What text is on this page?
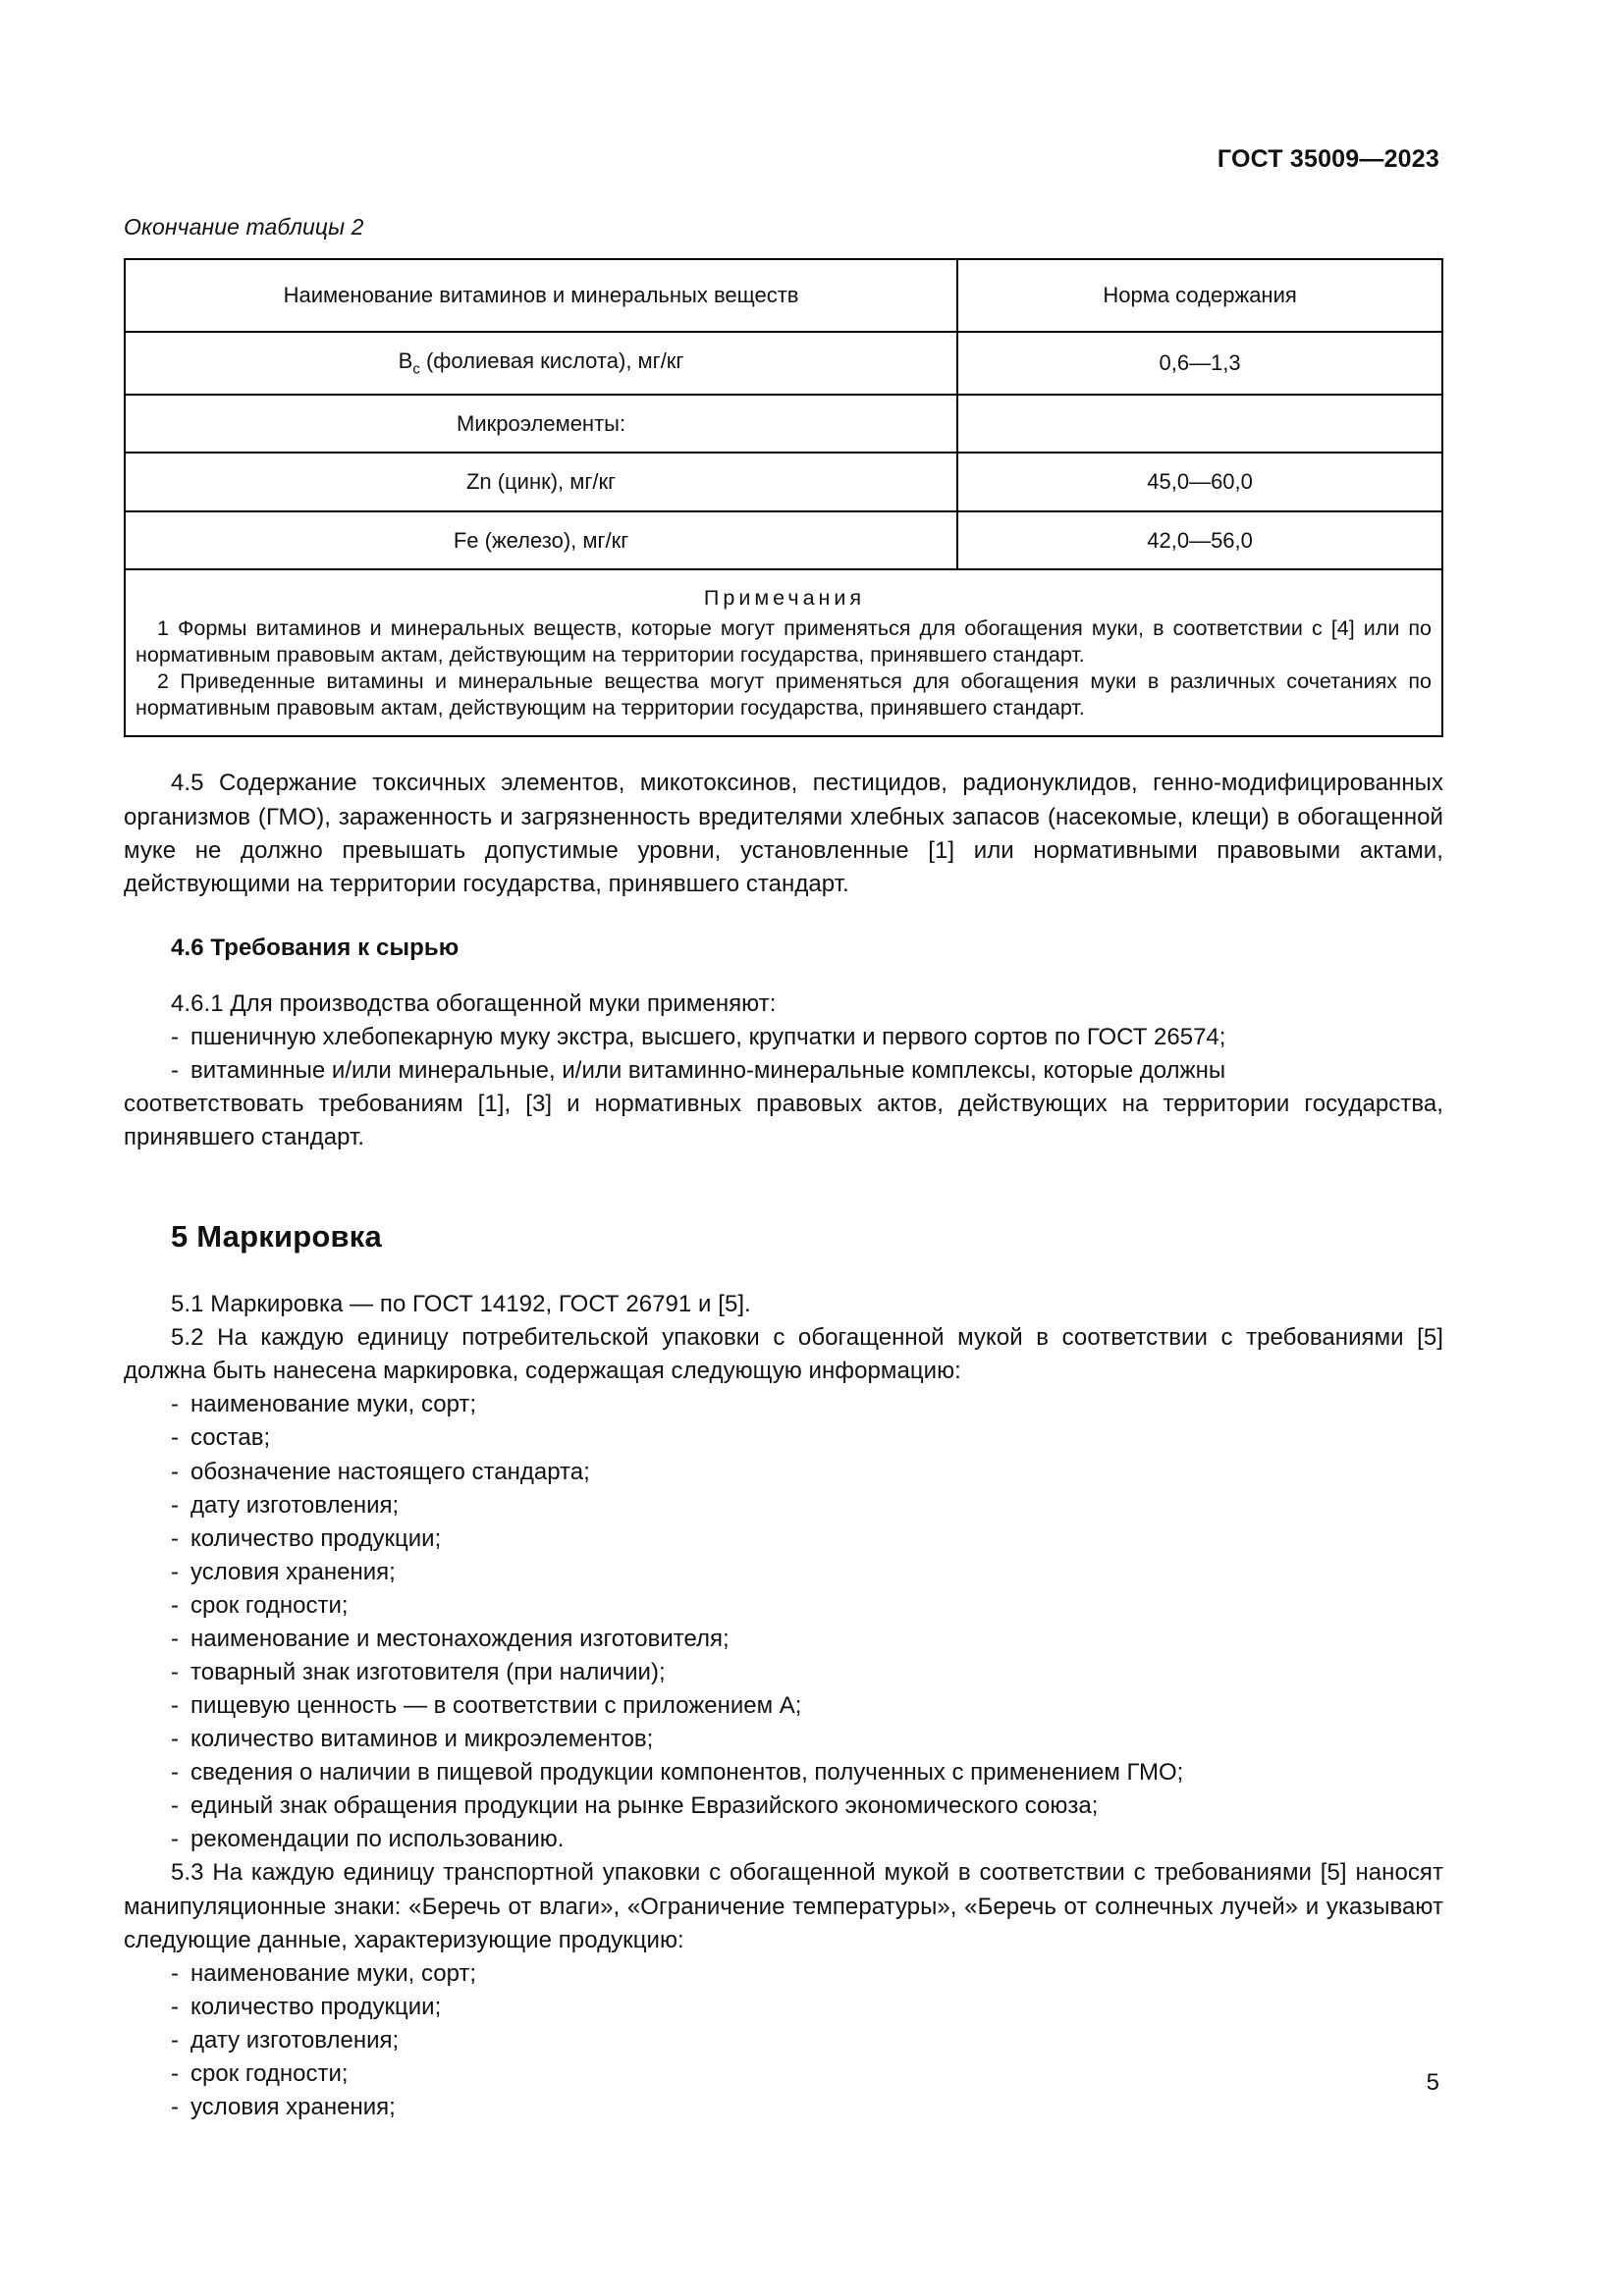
ГОСТ 35009—2023

Окончание таблицы 2

Наименование витаминов и минеральных веществ	Норма содержания
$В_с$ (фолиевая кислота), мг/кг	0,6—1,3
Микроэлементы:	
Zn (цинк), мг/кг	45,0—60,0
Fe (железо), мг/кг	42,0—56,0

Примечания

1 Формы витаминов и минеральных веществ, которые могут применяться для обогащения муки, в соответствии с [4] или по нормативным правовым актам, действующим на территории государства, принявшего стандарт.

2 Приведенные витамины и минеральные вещества могут применяться для обогащения муки в различных сочетаниях по нормативным правовым актам, действующим на территории государства, принявшего стандарт.	

4.5 Содержание токсичных элементов, микотоксинов, пестицидов, радионуклидов, генно-модифицированных организмов (ГМО), зараженность и загрязненность вредителями хлебных запасов (насекомые, клещи) в обогащенной муке не должно превышать допустимые уровни, установленные [1] или нормативными правовыми актами, действующими на территории государства, принявшего стандарт.

4.6 Требования к сырью

4.6.1 Для производства обогащенной муки применяют:

- пшеничную хлебопекарную муку экстра, высшего, крупчатки и первого сортов по ГОСТ 26574;
- витаминные и/или минеральные, и/или витаминно-минеральные комплексы, которые должны

соответствовать требованиям [1], [3] и нормативных правовых актов, действующих на территории государства, принявшего стандарт.

5 Маркировка

5.1 Маркировка — по ГОСТ 14192, ГОСТ 26791 и [5].

5.2 На каждую единицу потребительской упаковки с обогащенной мукой в соответствии с требованиями [5] должна быть нанесена маркировка, содержащая следующую информацию:

- наименование муки, сорт;
- состав;
- обозначение настоящего стандарта;
- дату изготовления;
- количество продукции;
- условия хранения;
- срок годности;
- наименование и местонахождения изготовителя;
- товарный знак изготовителя (при наличии);
- пищевую ценность — в соответствии с приложением А;
- количество витаминов и микроэлементов;
- сведения о наличии в пищевой продукции компонентов, полученных с применением ГМО;
- единый знак обращения продукции на рынке Евразийского экономического союза;
- рекомендации по использованию.

5.3 На каждую единицу транспортной упаковки с обогащенной мукой в соответствии с требованиями [5] наносят манипуляционные знаки: «Беречь от влаги», «Ограничение температуры», «Беречь от солнечных лучей» и указывают следующие данные, характеризующие продукцию:

- наименование муки, сорт;
- количество продукции;
- дату изготовления;
- срок годности;
- условия хранения;
5
